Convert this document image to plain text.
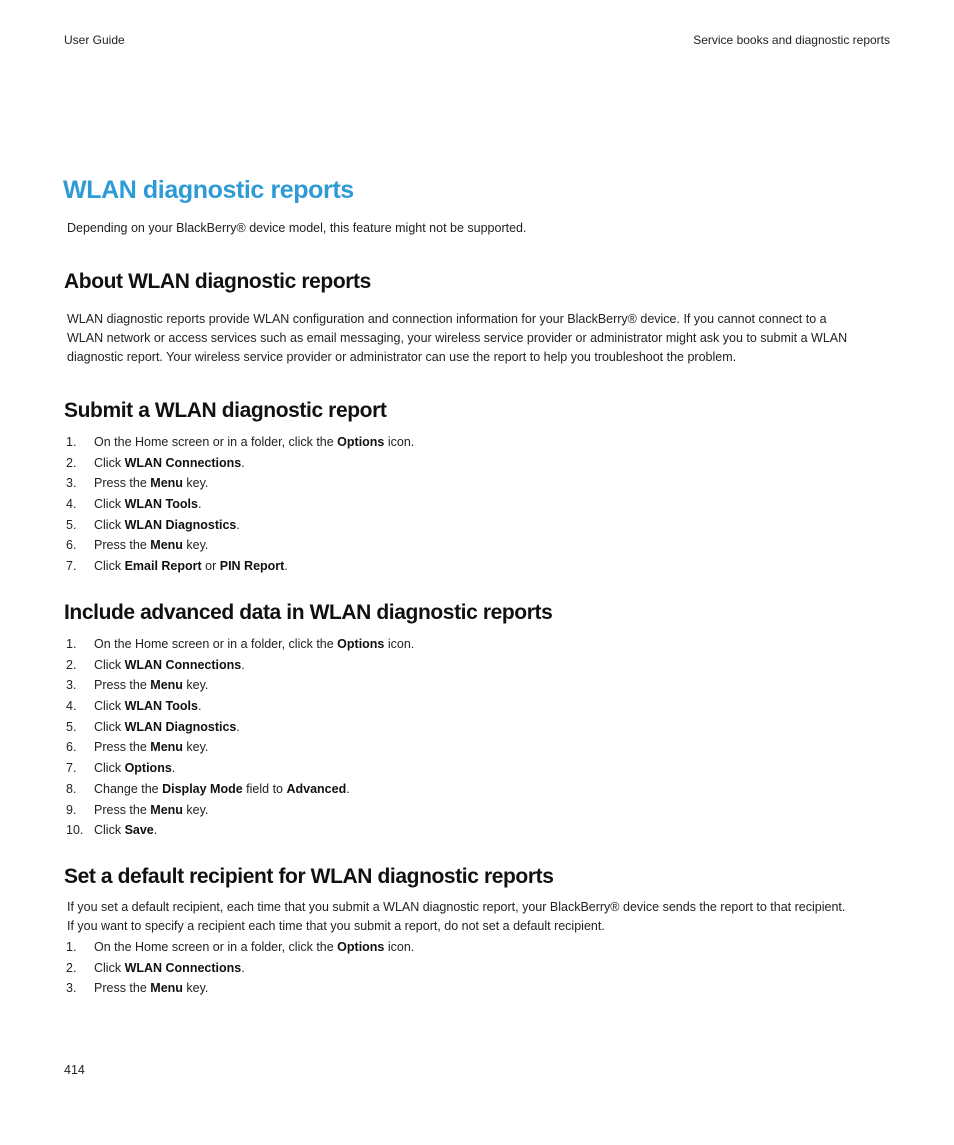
User Guide	Service books and diagnostic reports
WLAN diagnostic reports

Depending on your BlackBerry® device model, this feature might not be supported.

About WLAN diagnostic reports
WLAN diagnostic reports provide WLAN configuration and connection information for your BlackBerry® device. If you cannot connect to a
WLAN network or access services such as email messaging, your wireless service provider or administrator might ask you to submit a WLAN
diagnostic report. Your wireless service provider or administrator can use the report to help you troubleshoot the problem.
Submit a WLAN diagnostic report
1.	On the Home screen or in a folder, click the Options icon.
2.	Click WLAN Connections.
3.	Press the Menu key.
4.	Click WLAN Tools.
5.	Click WLAN Diagnostics.
6.	Press the Menu key.
7.	Click Email Report or PIN Report.
Include advanced data in WLAN diagnostic reports
1.	On the Home screen or in a folder, click the Options icon.
2.	Click WLAN Connections.
3.	Press the Menu key.
4.	Click WLAN Tools.
5.	Click WLAN Diagnostics.
6.	Press the Menu key.
7.	Click Options.
8.	Change the Display Mode field to Advanced.
9.	Press the Menu key.
10. Click Save.
Set a default recipient for WLAN diagnostic reports
If you set a default recipient, each time that you submit a WLAN diagnostic report, your BlackBerry® device sends the report to that recipient.
If you want to specify a recipient each time that you submit a report, do not set a default recipient.
1.	On the Home screen or in a folder, click the Options icon.
2.	Click WLAN Connections.
3.	Press the Menu key.
414
